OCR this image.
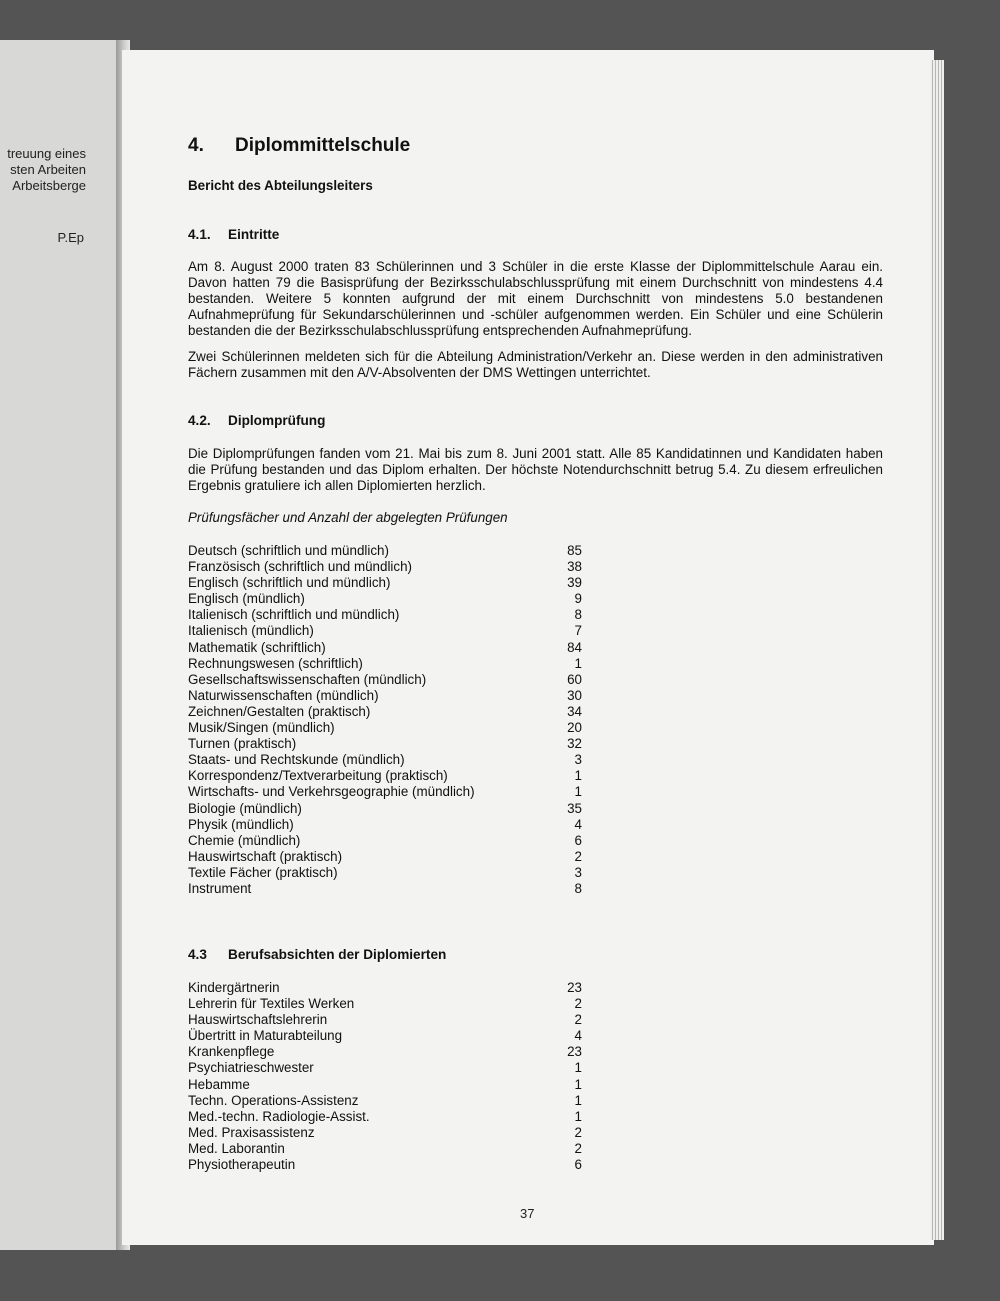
treuung eines
sten Arbeiten
Arbeitsberge
P.Ep
4. Diplommittelschule
Bericht des Abteilungsleiters
4.1. Eintritte
Am 8. August 2000 traten 83 Schülerinnen und 3 Schüler in die erste Klasse der Diplommittelschule Aarau ein. Davon hatten 79 die Basisprüfung der Bezirksschulabschlussprüfung mit einem Durchschnitt von mindestens 4.4 bestanden. Weitere 5 konnten aufgrund der mit einem Durchschnitt von mindestens 5.0 bestandenen Aufnahmeprüfung für Sekundarschülerinnen und -schüler aufgenommen werden. Ein Schüler und eine Schülerin bestanden die der Bezirksschulabschlussprüfung entsprechenden Aufnahmeprüfung.
Zwei Schülerinnen meldeten sich für die Abteilung Administration/Verkehr an. Diese werden in den administrativen Fächern zusammen mit den A/V-Absolventen der DMS Wettingen unterrichtet.
4.2. Diplomprüfung
Die Diplomprüfungen fanden vom 21. Mai bis zum 8. Juni 2001 statt. Alle 85 Kandidatinnen und Kandidaten haben die Prüfung bestanden und das Diplom erhalten. Der höchste Notendurchschnitt betrug 5.4. Zu diesem erfreulichen Ergebnis gratuliere ich allen Diplomierten herzlich.
Prüfungsfächer und Anzahl der abgelegten Prüfungen
Deutsch (schriftlich und mündlich)	85
Französisch (schriftlich und mündlich)	38
Englisch (schriftlich und mündlich)	39
Englisch (mündlich)	9
Italienisch (schriftlich und mündlich)	8
Italienisch (mündlich)	7
Mathematik (schriftlich)	84
Rechnungswesen (schriftlich)	1
Gesellschaftswissenschaften (mündlich)	60
Naturwissenschaften (mündlich)	30
Zeichnen/Gestalten (praktisch)	34
Musik/Singen (mündlich)	20
Turnen (praktisch)	32
Staats- und Rechtskunde (mündlich)	3
Korrespondenz/Textverarbeitung (praktisch)	1
Wirtschafts- und Verkehrsgeographie (mündlich)	1
Biologie (mündlich)	35
Physik (mündlich)	4
Chemie (mündlich)	6
Hauswirtschaft (praktisch)	2
Textile Fächer (praktisch)	3
Instrument	8
4.3 Berufsabsichten der Diplomierten
Kindergärtnerin	23
Lehrerin für Textiles Werken	2
Hauswirtschaftslehrerin	2
Übertritt in Maturabteilung	4
Krankenpflege	23
Psychiatrieschwester	1
Hebamme	1
Techn. Operations-Assistenz	1
Med.-techn. Radiologie-Assist.	1
Med. Praxisassistenz	2
Med. Laborantin	2
Physiotherapeutin	6
37
